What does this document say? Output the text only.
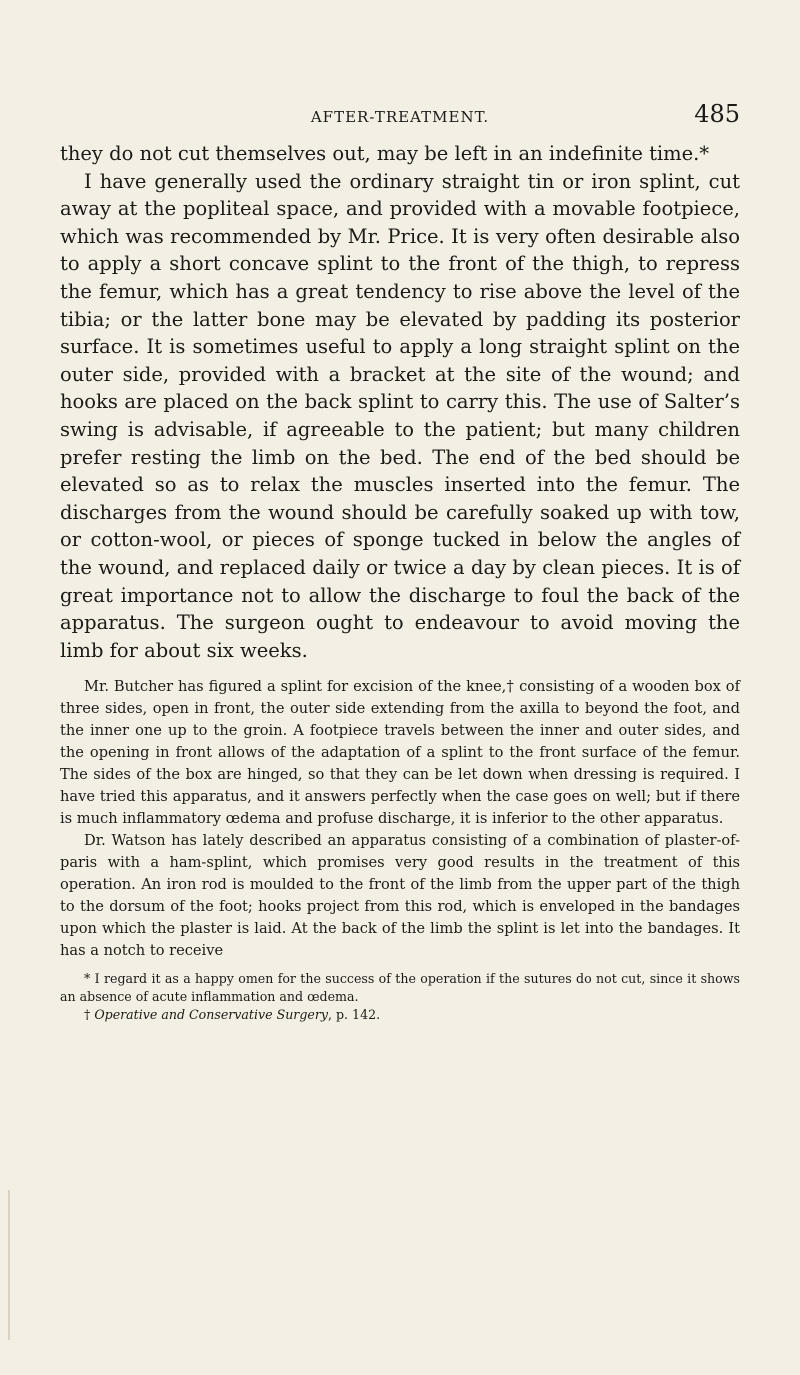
AFTER-TREATMENT.	485

they do not cut themselves out, may be left in an indefinite time.*

I have generally used the ordinary straight tin or iron splint, cut away at the popliteal space, and provided with a movable footpiece, which was recommended by Mr. Price. It is very often desirable also to apply a short concave splint to the front of the thigh, to repress the femur, which has a great tendency to rise above the level of the tibia; or the latter bone may be elevated by padding its posterior surface. It is sometimes useful to apply a long straight splint on the outer side, provided with a bracket at the site of the wound; and hooks are placed on the back splint to carry this. The use of Salter’s swing is advisable, if agreeable to the patient; but many children prefer resting the limb on the bed. The end of the bed should be elevated so as to relax the muscles inserted into the femur. The discharges from the wound should be carefully soaked up with tow, or cotton-wool, or pieces of sponge tucked in below the angles of the wound, and replaced daily or twice a day by clean pieces. It is of great importance not to allow the discharge to foul the back of the apparatus. The surgeon ought to endeavour to avoid moving the limb for about six weeks.

Mr. Butcher has figured a splint for excision of the knee,† consisting of a wooden box of three sides, open in front, the outer side extending from the axilla to beyond the foot, and the inner one up to the groin. A footpiece travels between the inner and outer sides, and the opening in front allows of the adaptation of a splint to the front surface of the femur. The sides of the box are hinged, so that they can be let down when dressing is required. I have tried this apparatus, and it answers perfectly when the case goes on well; but if there is much inflammatory œdema and profuse discharge, it is inferior to the other apparatus.

Dr. Watson has lately described an apparatus consisting of a combination of plaster-of-paris with a ham-splint, which promises very good results in the treatment of this operation. An iron rod is moulded to the front of the limb from the upper part of the thigh to the dorsum of the foot; hooks project from this rod, which is enveloped in the bandages upon which the plaster is laid. At the back of the limb the splint is let into the bandages. It has a notch to receive

* I regard it as a happy omen for the success of the operation if the sutures do not cut, since it shows an absence of acute inflammation and œdema.

† Operative and Conservative Surgery, p. 142.
